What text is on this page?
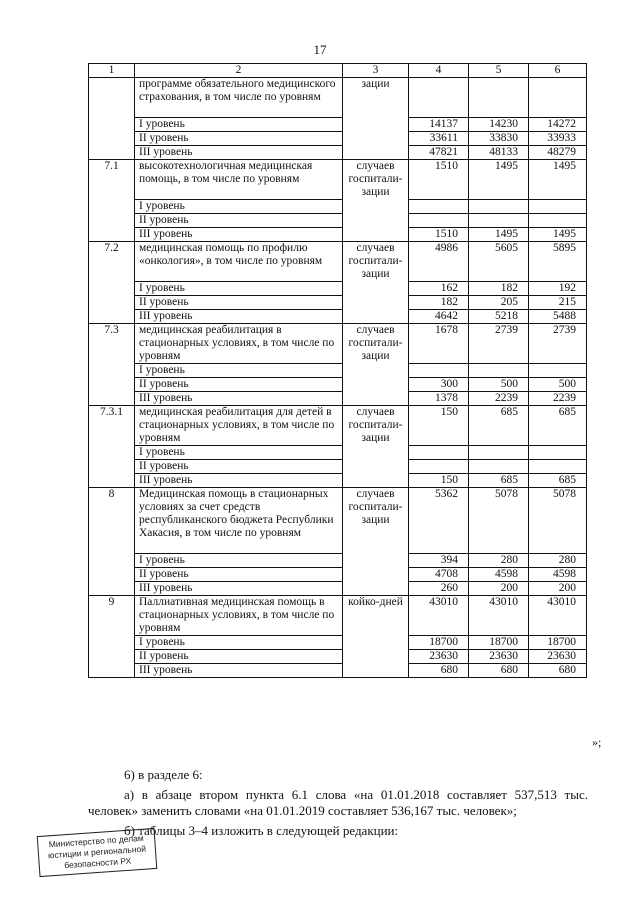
17
1	2	3	4	5	6
	программе обязательного медицинского страхования, в том числе по уровням	зации			
	I уровень		14137	14230	14272
	II уровень		33611	33830	33933
	III уровень		47821	48133	48279
7.1	высокотехнологичная медицинская помощь, в том числе по уровням	случаев госпитали-зации	1510	1495	1495
	I уровень				
	II уровень				
	III уровень		1510	1495	1495
7.2	медицинская помощь по профилю «онкология», в том числе по уровням	случаев госпитали-зации	4986	5605	5895
	I уровень		162	182	192
	II уровень		182	205	215
	III уровень		4642	5218	5488
7.3	медицинская реабилитация в стационарных условиях, в том числе по уровням	случаев госпитали-зации	1678	2739	2739
	I уровень				
	II уровень		300	500	500
	III уровень		1378	2239	2239
7.3.1	медицинская реабилитация для детей в стационарных условиях, в том числе по уровням	случаев госпитали-зации	150	685	685
	I уровень				
	II уровень				
	III уровень		150	685	685
8	Медицинская помощь в стационарных условиях за счет средств республиканского бюджета Республики Хакасия, в том числе по уровням	случаев госпитали-зации	5362	5078	5078
	I уровень		394	280	280
	II уровень		4708	4598	4598
	III уровень		260	200	200
9	Паллиативная медицинская помощь в стационарных условиях, в том числе по уровням	койко-дней	43010	43010	43010
	I уровень		18700	18700	18700
	II уровень		23630	23630	23630
	III уровень		680	680	680
»;
6) в разделе 6:
а) в абзаце втором пункта 6.1 слова «на 01.01.2018 составляет 537,513 тыс. человек» заменить словами «на 01.01.2019 составляет 536,167 тыс. человек»;
б) таблицы 3–4 изложить в следующей редакции:
Министерство по делам юстиции и региональной безопасности РХ
